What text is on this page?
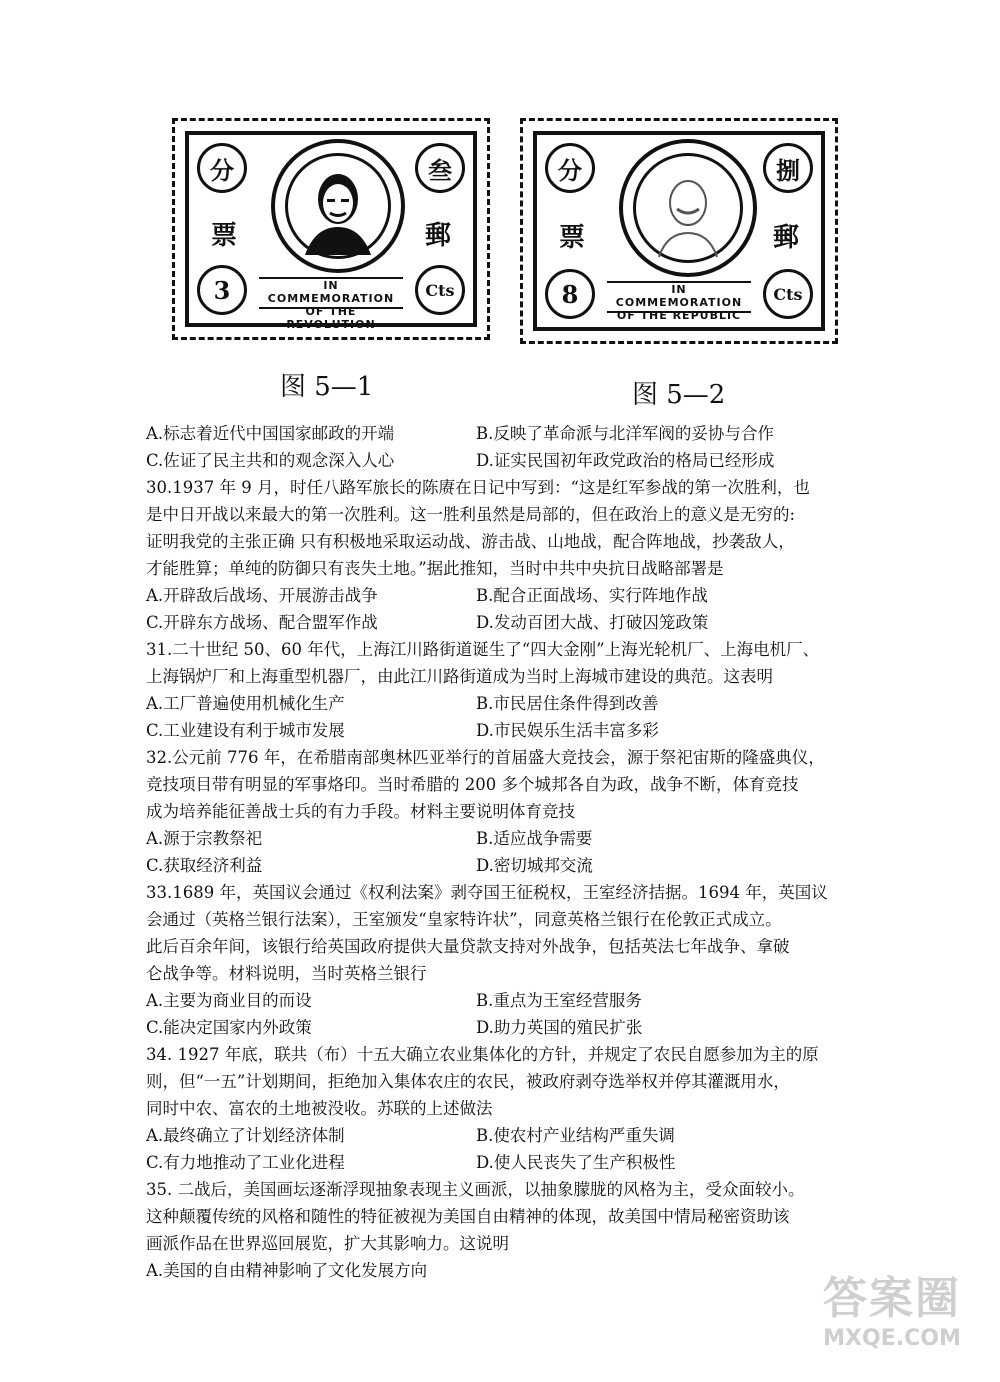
分	叁
3	Cts
票	郵
IN COMMEMORATION
OF THE REVOLUTION
分	捌
8	Cts
票	郵
IN COMMEMORATION
OF THE REPUBLIC
图 5—1	图 5—2
A.标志着近代中国国家邮政的开端	B.反映了革命派与北洋军阀的妥协与合作
C.佐证了民主共和的观念深入人心	D.证实民国初年政党政治的格局已经形成
30.1937 年 9 月，时任八路军旅长的陈赓在日记中写到：“这是红军参战的第一次胜利，也
是中日开战以来最大的第一次胜利。这一胜利虽然是局部的，但在政治上的意义是无穷的:
证明我党的主张正确 只有积极地采取运动战、游击战、山地战，配合阵地战，抄袭敌人，
才能胜算；单纯的防御只有丧失土地。”据此推知，当时中共中央抗日战略部署是
A.开辟敌后战场、开展游击战争	B.配合正面战场、实行阵地作战
C.开辟东方战场、配合盟军作战	D.发动百团大战、打破囚笼政策
31.二十世纪 50、60 年代，上海江川路街道诞生了“四大金刚”上海光轮机厂、上海电机厂、
上海锅炉厂和上海重型机器厂，由此江川路街道成为当时上海城市建设的典范。这表明
A.工厂普遍使用机械化生产	B.市民居住条件得到改善
C.工业建设有利于城市发展	D.市民娱乐生活丰富多彩
32.公元前 776 年，在希腊南部奥林匹亚举行的首届盛大竞技会，源于祭祀宙斯的隆盛典仪，
竞技项目带有明显的军事烙印。当时希腊的 200 多个城邦各自为政，战争不断，体育竞技
成为培养能征善战士兵的有力手段。材料主要说明体育竞技
A.源于宗教祭祀	B.适应战争需要
C.获取经济利益	D.密切城邦交流
33.1689 年，英国议会通过《权利法案》剥夺国王征税权，王室经济拮据。1694 年，英国议
会通过（英格兰银行法案），王室颁发“皇家特许状”，同意英格兰银行在伦敦正式成立。
此后百余年间，该银行给英国政府提供大量贷款支持对外战争，包括英法七年战争、拿破
仑战争等。材料说明，当时英格兰银行
A.主要为商业目的而设	B.重点为王室经营服务
C.能决定国家内外政策	D.助力英国的殖民扩张
34. 1927 年底，联共（布）十五大确立农业集体化的方针，并规定了农民自愿参加为主的原
则，但“一五”计划期间，拒绝加入集体农庄的农民，被政府剥夺选举权并停其灌溉用水，
同时中农、富农的土地被没收。苏联的上述做法
A.最终确立了计划经济体制	B.使农村产业结构严重失调
C.有力地推动了工业化进程	D.使人民丧失了生产积极性
35. 二战后，美国画坛逐渐浮现抽象表现主义画派，以抽象朦胧的风格为主，受众面较小。
这种颠覆传统的风格和随性的特征被视为美国自由精神的体现，故美国中情局秘密资助该
画派作品在世界巡回展览，扩大其影响力。这说明
A.美国的自由精神影响了文化发展方向
答案圈
MXQE.COM
